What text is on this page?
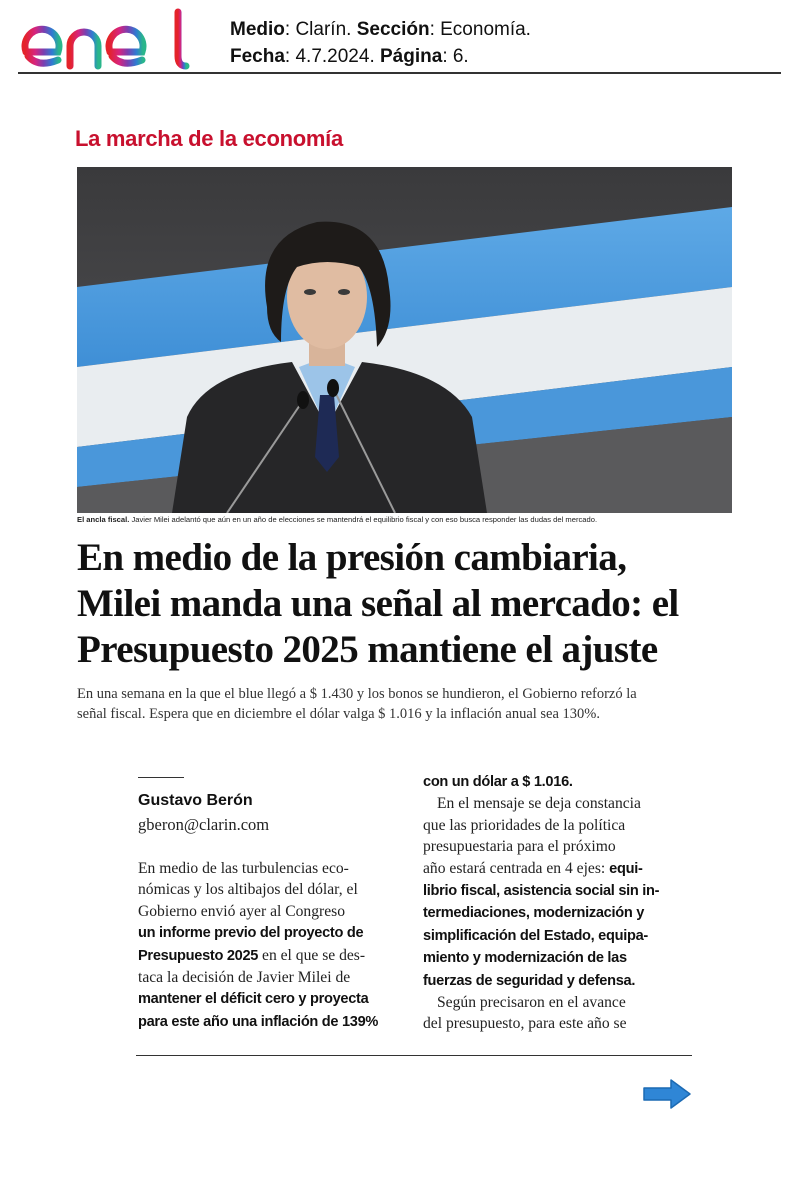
Medio: Clarín. Sección: Economía.
Fecha: 4.7.2024. Página: 6.
La marcha de la economía
El ancla fiscal. Javier Milei adelantó que aún en un año de elecciones se mantendrá el equilibrio fiscal y con eso busca responder las dudas del mercado.
En medio de la presión cambiaria,
Milei manda una señal al mercado: el
Presupuesto 2025 mantiene el ajuste
En una semana en la que el blue llegó a $ 1.430 y los bonos se hundieron, el Gobierno reforzó la
señal fiscal. Espera que en diciembre el dólar valga $ 1.016 y la inflación anual sea 130%.
Gustavo Berón
gberon@clarin.com
En medio de las turbulencias eco-
nómicas y los altibajos del dólar, el
Gobierno envió ayer al Congreso
un informe previo del proyecto de
Presupuesto 2025 en el que se des-
taca la decisión de Javier Milei de
mantener el déficit cero y proyecta
para este año una inflación de 139%
con un dólar a $ 1.016.
En el mensaje se deja constancia
que las prioridades de la política
presupuestaria para el próximo
año estará centrada en 4 ejes: equi-
librio fiscal, asistencia social sin in-
termediaciones, modernización y
simplificación del Estado, equipa-
miento y modernización de las
fuerzas de seguridad y defensa.
Según precisaron en el avance
del presupuesto, para este año se
